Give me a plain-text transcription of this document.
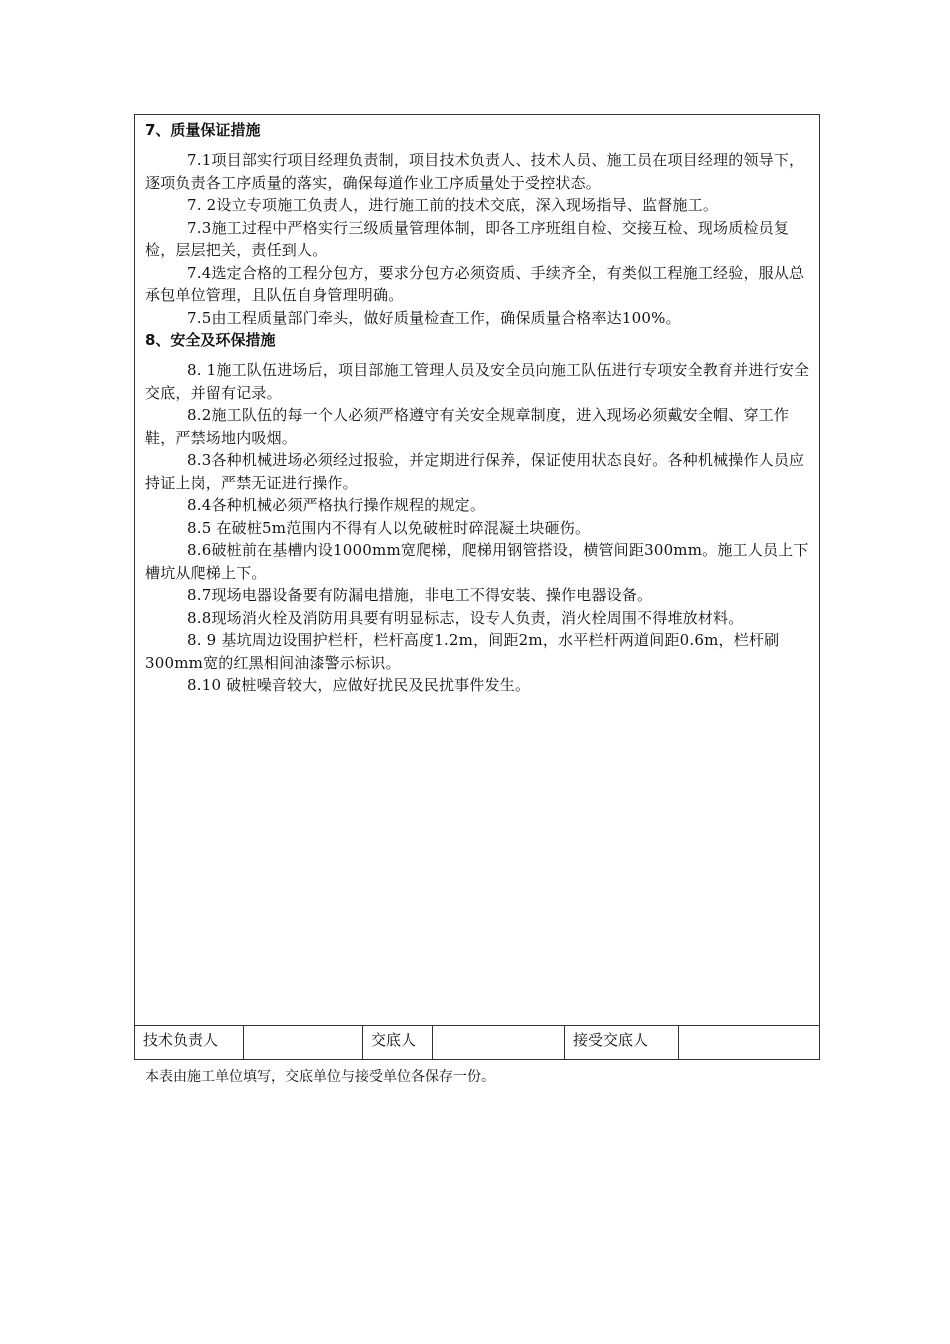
7、质量保证措施

7.1项目部实行项目经理负责制，项目技术负责人、技术人员、施工员在项目经理的领导下，逐项负责各工序质量的落实，确保每道作业工序质量处于受控状态。

7. 2设立专项施工负责人，进行施工前的技术交底，深入现场指导、监督施工。

7.3施工过程中严格实行三级质量管理体制，即各工序班组自检、交接互检、现场质检员复检，层层把关，责任到人。

7.4选定合格的工程分包方，要求分包方必须资质、手续齐全，有类似工程施工经验，服从总承包单位管理，且队伍自身管理明确。

7.5由工程质量部门牵头，做好质量检查工作，确保质量合格率达100%。

8、安全及环保措施

8. 1施工队伍进场后，项目部施工管理人员及安全员向施工队伍进行专项安全教育并进行安全交底，并留有记录。

8.2施工队伍的每一个人必须严格遵守有关安全规章制度，进入现场必须戴安全帽、穿工作鞋，严禁场地内吸烟。

8.3各种机械进场必须经过报验，并定期进行保养，保证使用状态良好。各种机械操作人员应持证上岗，严禁无证进行操作。

8.4各种机械必须严格执行操作规程的规定。

8.5 在破桩5m范围内不得有人以免破桩时碎混凝土块砸伤。

8.6破桩前在基槽内设1000mm宽爬梯，爬梯用钢管搭设，横管间距300mm。施工人员上下槽坑从爬梯上下。

8.7现场电器设备要有防漏电措施，非电工不得安装、操作电器设备。

8.8现场消火栓及消防用具要有明显标志，设专人负责，消火栓周围不得堆放材料。

8. 9 基坑周边设围护栏杆，栏杆高度1.2m，间距2m，水平栏杆两道间距0.6m，栏杆刷300mm宽的红黑相间油漆警示标识。

8.10 破桩噪音较大，应做好扰民及民扰事件发生。

技术负责人	交底人	接受交底人
本表由施工单位填写，交底单位与接受单位各保存一份。
